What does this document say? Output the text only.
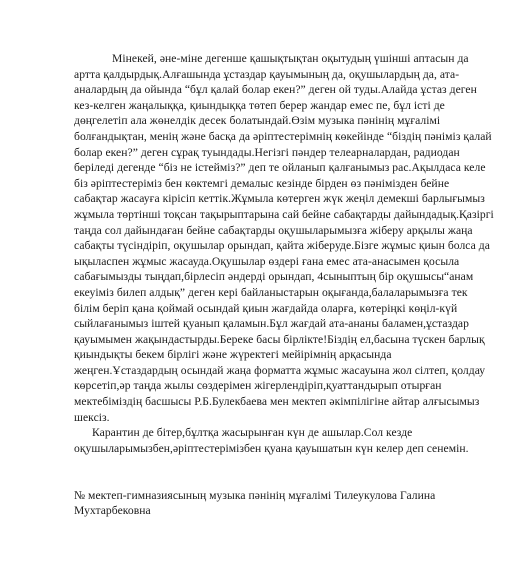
Мінекей, әне-міне дегенше қашықтықтан оқытудың үшінші аптасын да артта қалдырдық.Алғашында ұстаздар қауымының да, оқушылардың да, ата-аналардың да ойында “бұл қалай болар екен?” деген ой туды.Алайда ұстаз деген кез-келген жаңалыққа, қиындыққа төтеп берер жандар емес пе, бұл істі де дөңгелетіп ала жөнелдік десек болатындай.Өзім музыка пәнінің мұғалімі болғандықтан, менің және басқа да әріптестерімнің көкейінде “біздің пәніміз қалай болар екен?” деген сұрақ туындады.Негізгі пәндер телеарналардан, радиодан беріледі дегенде “біз не істейміз?” деп те ойланып қалғанымыз рас.Ақылдаса келе біз әріптестеріміз бен көктемгі демалыс кезінде бірден өз пәнімізден бейне сабақтар жасауға кірісіп кеттік.Жұмыла көтерген жүк жеңіл демекші барлығымыз жұмыла төртінші тоқсан тақырыптарына сай бейне сабақтарды дайындадық.Қазіргі таңда сол дайындаған бейне сабақтарды оқушыларымызға жіберу арқылы жаңа сабақты түсіндіріп, оқушылар орындап, қайта жіберуде.Бізге жұмыс қиын болса да ықыласпен жұмыс жасауда.Оқушылар өздері ғана емес ата-анасымен қосыла сабағымызды тыңдап,бірлесіп әндерді орындап, 4сыныптың бір оқушысы“анам екеуіміз билеп алдық” деген кері байланыстарын оқығанда,балаларымызға тек білім беріп қана қоймай осындай қиын жағдайда оларға, көтеріңкі көңіл-күй сыйлағанымыз іштей қуанып қаламын.Бұл жағдай ата-ананы баламен,ұстаздар қауымымен жақындастырды.Береке басы бірлікте!Біздің ел,басына түскен барлық қиындықты бекем бірлігі және жүректегі мейірімнің арқасында жеңген.Ұстаздардың осындай жаңа форматта жұмыс жасауына жол сілтеп, қолдау көрсетіп,әр таңда жылы сөздерімен жігерлендіріп,қуаттандырып отырған мектебіміздің басшысы Р.Б.Булекбаева мен мектеп әкімпілігіне айтар алғысымыз шексіз.

Карантин де бітер,бұлтқа жасырынған күн де ашылар.Сол кезде оқушыларымызбен,әріптестерімізбен қуана қауышатын күн келер деп сенемін.

№ мектеп-гимназиясының музыка пәнінің мұғалімі Тилеукулова Галина Мухтарбековна
